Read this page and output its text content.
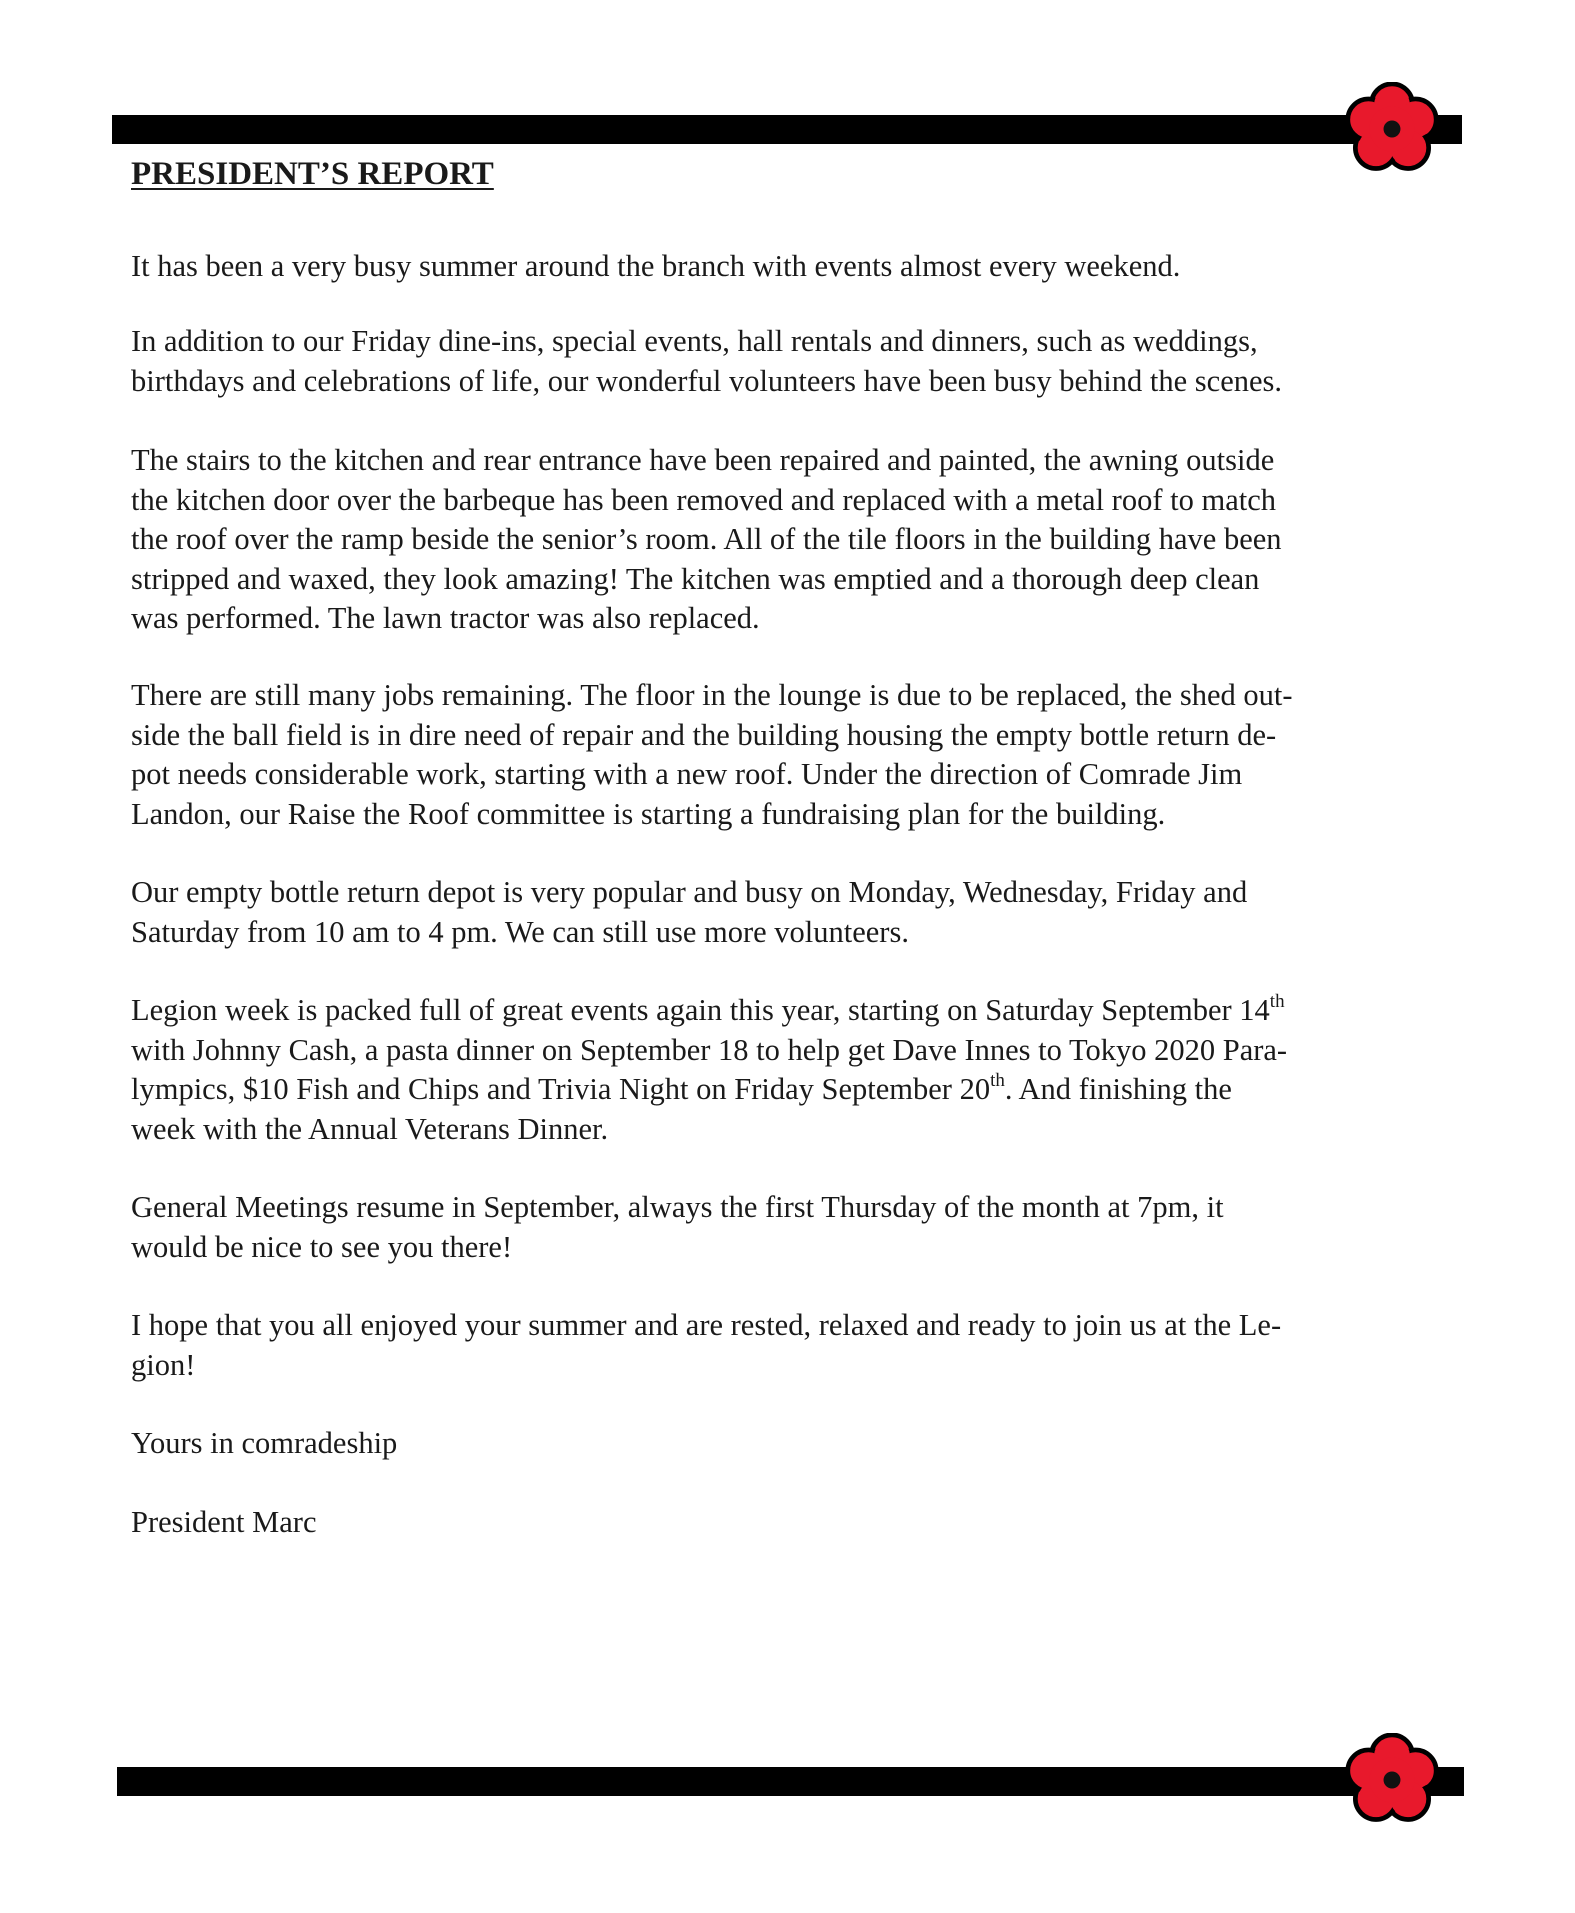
PRESIDENT’S REPORT

It has been a very busy summer around the branch with events almost every weekend.

In addition to our Friday dine-ins, special events, hall rentals and dinners, such as weddings,
birthdays and celebrations of life, our wonderful volunteers have been busy behind the scenes.

The stairs to the kitchen and rear entrance have been repaired and painted, the awning outside
the kitchen door over the barbeque has been removed and replaced with a metal roof to match
the roof over the ramp beside the senior’s room. All of the tile floors in the building have been
stripped and waxed, they look amazing! The kitchen was emptied and a thorough deep clean
was performed. The lawn tractor was also replaced.

There are still many jobs remaining. The floor in the lounge is due to be replaced, the shed out-
side the ball field is in dire need of repair and the building housing the empty bottle return de-
pot needs considerable work, starting with a new roof. Under the direction of Comrade Jim
Landon, our Raise the Roof committee is starting a fundraising plan for the building.

Our empty bottle return depot is very popular and busy on Monday, Wednesday, Friday and
Saturday from 10 am to 4 pm. We can still use more volunteers.

Legion week is packed full of great events again this year, starting on Saturday September 14th
with Johnny Cash, a pasta dinner on September 18 to help get Dave Innes to Tokyo 2020 Para-
lympics, $10 Fish and Chips and Trivia Night on Friday September 20th. And finishing the
week with the Annual Veterans Dinner.

General Meetings resume in September, always the first Thursday of the month at 7pm, it
would be nice to see you there!

I hope that you all enjoyed your summer and are rested, relaxed and ready to join us at the Le-
gion!

Yours in comradeship

President Marc
